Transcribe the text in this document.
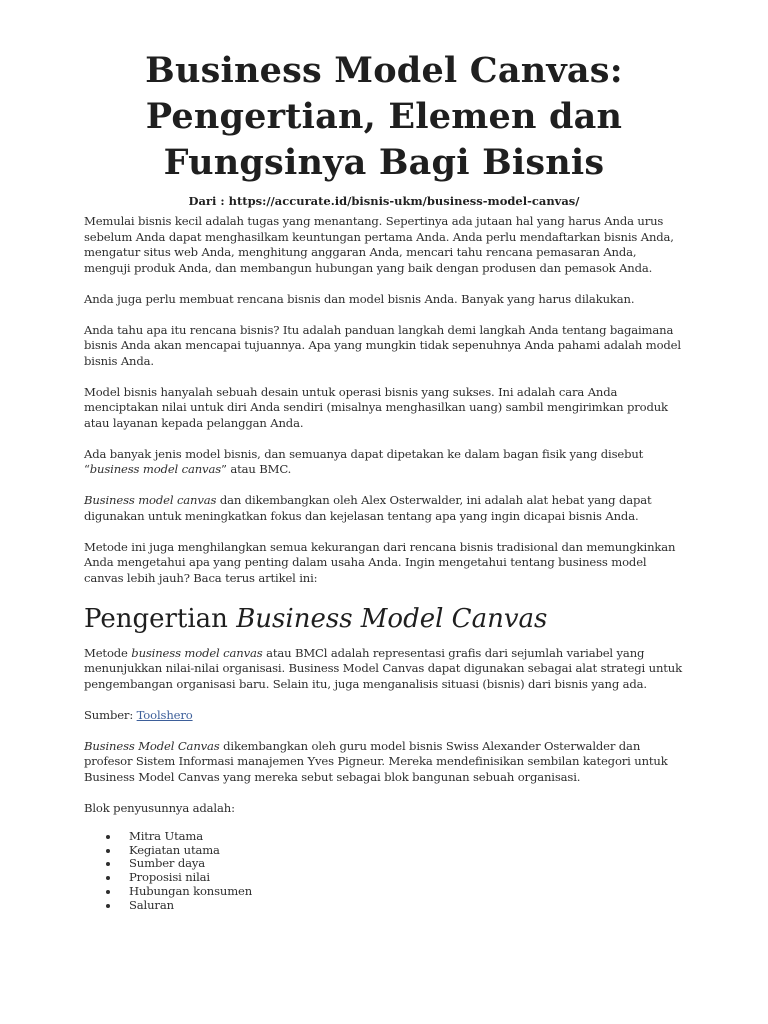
Business Model Canvas: Pengertian, Elemen dan Fungsinya Bagi Bisnis
Dari : https://accurate.id/bisnis-ukm/business-model-canvas/

Memulai bisnis kecil adalah tugas yang menantang. Sepertinya ada jutaan hal yang harus Anda urus sebelum Anda dapat menghasilkam keuntungan pertama Anda. Anda perlu mendaftarkan bisnis Anda, mengatur situs web Anda, menghitung anggaran Anda, mencari tahu rencana pemasaran Anda, menguji produk Anda, dan membangun hubungan yang baik dengan produsen dan pemasok Anda.

Anda juga perlu membuat rencana bisnis dan model bisnis Anda. Banyak yang harus dilakukan.

Anda tahu apa itu rencana bisnis? Itu adalah panduan langkah demi langkah Anda tentang bagaimana bisnis Anda akan mencapai tujuannya. Apa yang mungkin tidak sepenuhnya Anda pahami adalah model bisnis Anda.

Model bisnis hanyalah sebuah desain untuk operasi bisnis yang sukses. Ini adalah cara Anda menciptakan nilai untuk diri Anda sendiri (misalnya menghasilkan uang) sambil mengirimkan produk atau layanan kepada pelanggan Anda.

Ada banyak jenis model bisnis, dan semuanya dapat dipetakan ke dalam bagan fisik yang disebut “business model canvas” atau BMC.

Business model canvas dan dikembangkan oleh Alex Osterwalder, ini adalah alat hebat yang dapat digunakan untuk meningkatkan fokus dan kejelasan tentang apa yang ingin dicapai bisnis Anda.

Metode ini juga menghilangkan semua kekurangan dari rencana bisnis tradisional dan memungkinkan Anda mengetahui apa yang penting dalam usaha Anda. Ingin mengetahui tentang business model canvas lebih jauh? Baca terus artikel ini:

Pengertian Business Model Canvas

Metode business model canvas atau BMCl adalah representasi grafis dari sejumlah variabel yang menunjukkan nilai-nilai organisasi. Business Model Canvas dapat digunakan sebagai alat strategi untuk pengembangan organisasi baru. Selain itu, juga menganalisis situasi (bisnis) dari bisnis yang ada.

Sumber: Toolshero

Business Model Canvas dikembangkan oleh guru model bisnis Swiss Alexander Osterwalder dan profesor Sistem Informasi manajemen Yves Pigneur. Mereka mendefinisikan sembilan kategori untuk Business Model Canvas yang mereka sebut sebagai blok bangunan sebuah organisasi.

Blok penyusunnya adalah:

Mitra Utama
Kegiatan utama
Sumber daya
Proposisi nilai
Hubungan konsumen
Saluran
